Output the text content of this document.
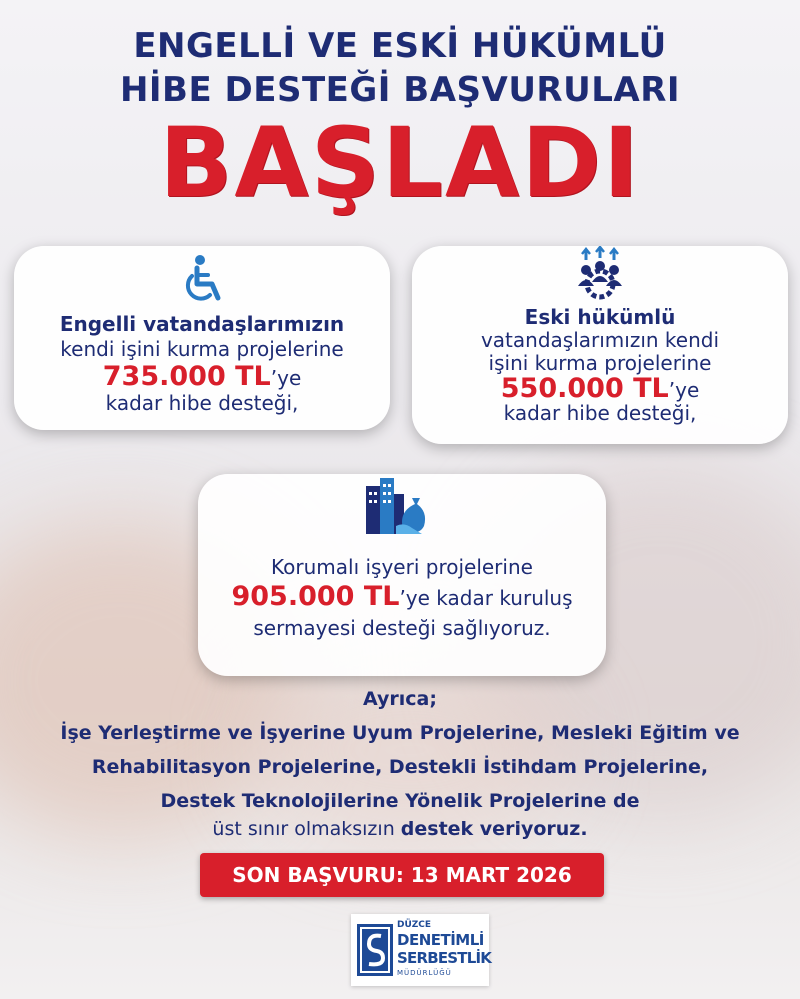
ENGELLİ VE ESKİ HÜKÜMLÜ
HİBE DESTEĞİ BAŞVURULARI
BAŞLADI
Engelli vatandaşlarımızın
kendi işini kurma projelerine
735.000 TL’ye
kadar hibe desteği,
Eski hükümlü
vatandaşlarımızın kendi
işini kurma projelerine
550.000 TL’ye
kadar hibe desteği,
Korumalı işyeri projelerine
905.000 TL’ye kadar kuruluş
sermayesi desteği sağlıyoruz.
Ayrıca;
İşe Yerleştirme ve İşyerine Uyum Projelerine, Mesleki Eğitim ve
Rehabilitasyon Projelerine, Destekli İstihdam Projelerine,
Destek Teknolojilerine Yönelik Projelerine de
üst sınır olmaksızın destek veriyoruz.
SON BAŞVURU: 13 MART 2026
DÜZCE
DENETİMLİ
SERBESTLİK
MÜDÜRLÜĞÜ
